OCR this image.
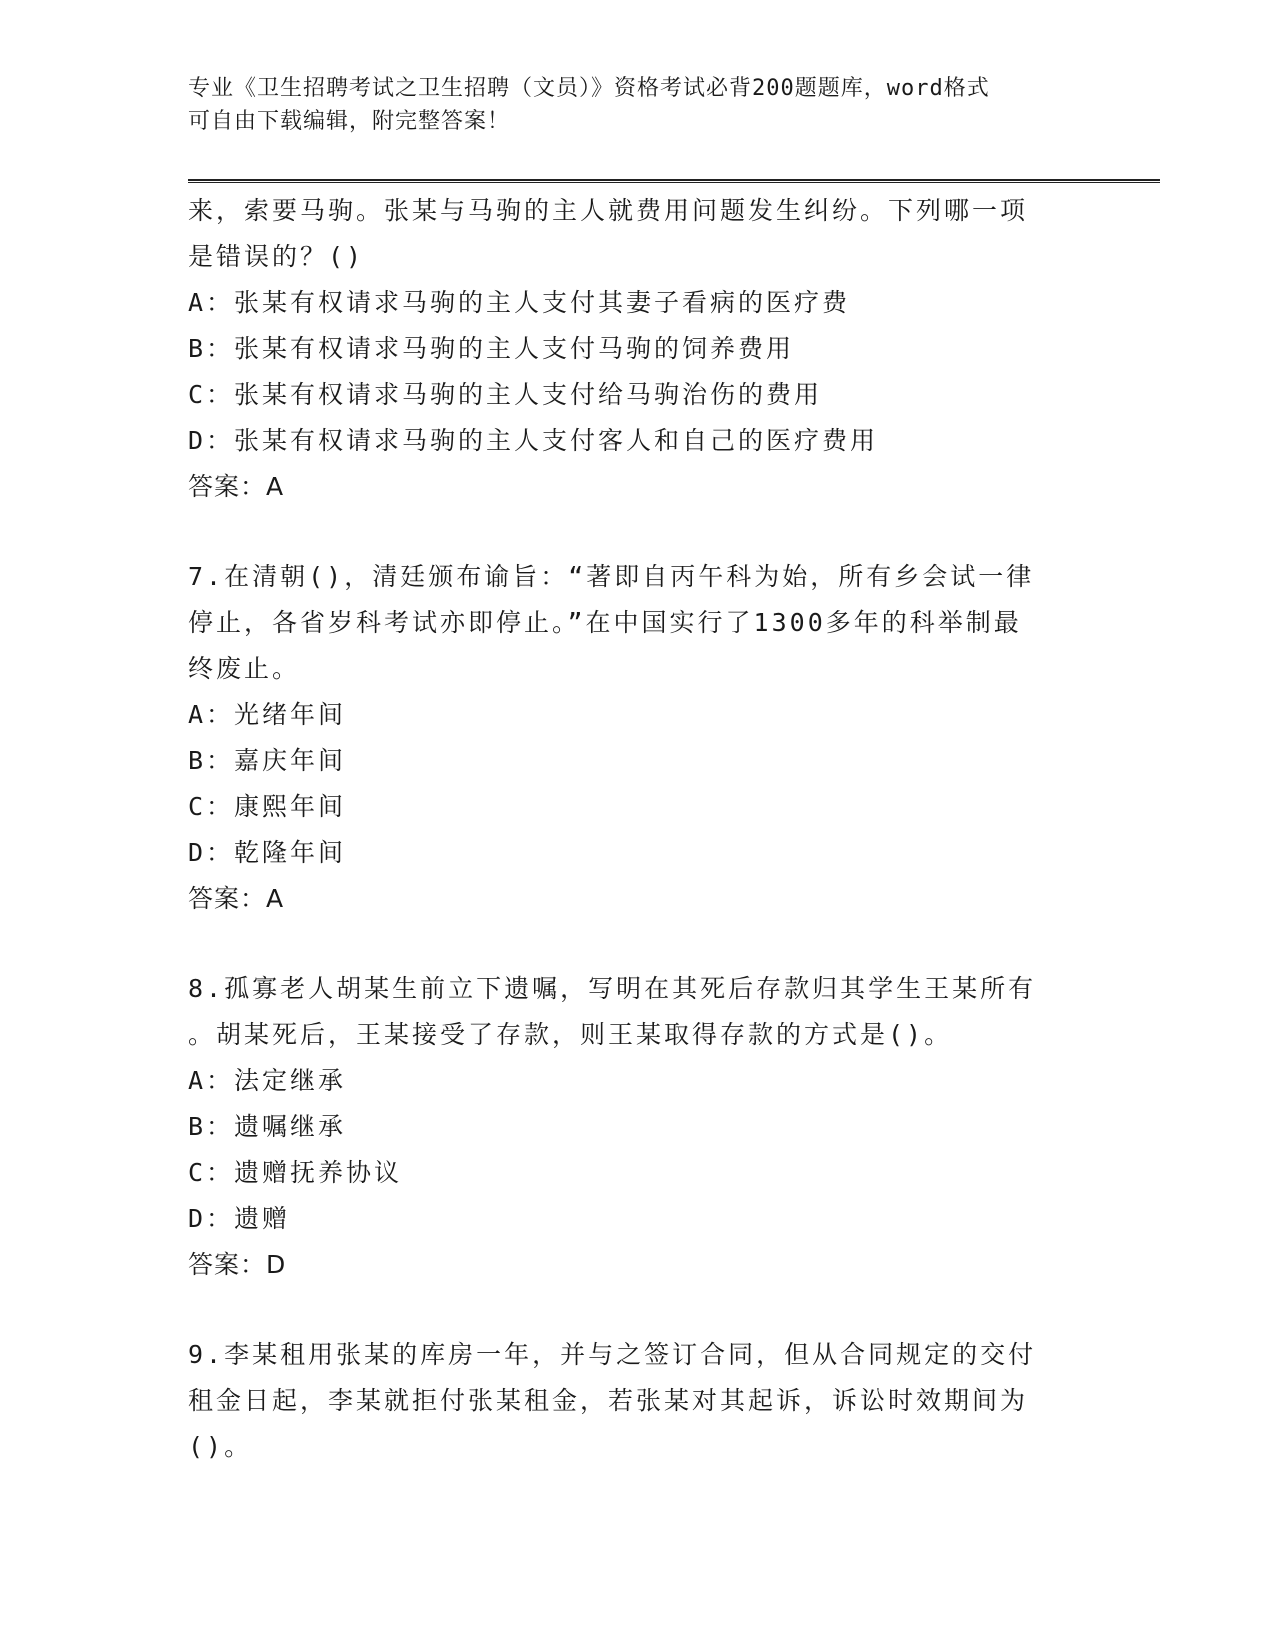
专业《卫生招聘考试之卫生招聘（文员）》资格考试必背200题题库，word格式
可自由下载编辑，附完整答案！
来，索要马驹。张某与马驹的主人就费用问题发生纠纷。下列哪一项
是错误的？()
A：张某有权请求马驹的主人支付其妻子看病的医疗费
B：张某有权请求马驹的主人支付马驹的饲养费用
C：张某有权请求马驹的主人支付给马驹治伤的费用
D：张某有权请求马驹的主人支付客人和自己的医疗费用
答案：A
7.在清朝()，清廷颁布谕旨：“著即自丙午科为始，所有乡会试一律
停止，各省岁科考试亦即停止。”在中国实行了1300多年的科举制最
终废止。
A：光绪年间
B：嘉庆年间
C：康熙年间
D：乾隆年间
答案：A
8.孤寡老人胡某生前立下遗嘱，写明在其死后存款归其学生王某所有
。胡某死后，王某接受了存款，则王某取得存款的方式是()。
A：法定继承
B：遗嘱继承
C：遗赠抚养协议
D：遗赠
答案：D
9.李某租用张某的库房一年，并与之签订合同，但从合同规定的交付
租金日起，李某就拒付张某租金，若张某对其起诉，诉讼时效期间为
()。
